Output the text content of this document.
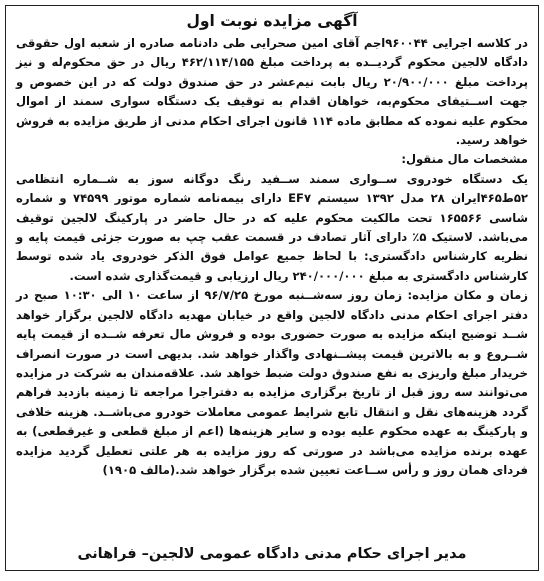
آگهی مزایده نوبت اول

در کلاسه اجرایی ۹۶۰۰۴۴اجم آقای امین صحرایی طی دادنامه صادره از شعبه اول حقوقی دادگاه لالجین محکوم گردیــده به پرداخت مبلغ ۴۶۲/۱۱۴/۱۵۵ ریال در حق محکوم‌له و نیز پرداخت مبلغ ۲۰/۹۰۰/۰۰۰ ریال بابت نیم‌عشر در حق صندوق دولت که در این خصوص و جهت اســتیفای محکوم‌به، خواهان اقدام به توقیف یک دستگاه سواری سمند از اموال محکوم علیه نموده که مطابق ماده ۱۱۴ قانون اجرای احکام مدنی از طریق مزایده به فروش خواهد رسید.

مشخصات مال منقول:

یک دستگاه خودروی ســواری سمند ســفید رنگ دوگانه سوز به شــماره انتظامی ۵۲ط۴۶۵ایران ۲۸ مدل ۱۳۹۲ سیستم EF۷ دارای بیمه‌نامه شماره موتور ۷۴۵۹۹ و شماره شاسی ۱۶۵۵۶۶ تحت مالکیت محکوم علیه که در حال حاضر در پارکینگ لالجین توقیف می‌باشد. لاستیک ۵٪ دارای آثار تصادف در قسمت عقب چپ به صورت جزئی قیمت پایه و نظریه کارشناس دادگستری: با لحاظ جمیع عوامل فوق الذکر خودروی یاد شده توسط کارشناس دادگستری به مبلغ ۲۴۰/۰۰۰/۰۰۰ ریال ارزیابی و قیمت‌گذاری شده است.

زمان و مکان مزایده: زمان روز سه‌شــنبه مورخ ۹۶/۷/۲۵ از ساعت ۱۰ الی ۱۰:۳۰ صبح در دفتر اجرای احکام مدنی دادگاه لالجین واقع در خیابان مهدیه دادگاه لالجین برگزار خواهد شــد توضیح اینکه مزایده به صورت حضوری بوده و فروش مال تعرفه شــده از قیمت پایه شــروع و به بالاترین قیمت پیشــنهادی واگذار خواهد شد. بدیهی است در صورت انصراف خریدار مبلغ واریزی به نفع صندوق دولت ضبط خواهد شد. علاقه‌مندان به شرکت در مزایده می‌توانند سه روز قبل از تاریخ برگزاری مزایده به دفتراجرا مراجعه تا زمینه بازدید فراهم گردد هزینه‌های نقل و انتقال تابع شرایط عمومی معاملات خودرو می‌باشــد. هزینه خلافی و پارکینگ به عهده محکوم علیه بوده و سایر هزینه‌ها (اعم از مبلغ قطعی و غیرقطعی) به عهده برنده مزایده می‌باشد در صورتی که روز مزایده به هر علتی تعطیل گردید مزایده فردای همان روز و رأس ســاعت تعیین شده برگزار خواهد شد.(مالف ۱۹۰۵)

مدیر اجرای حکام مدنی دادگاه عمومی لالجین– فراهانی
